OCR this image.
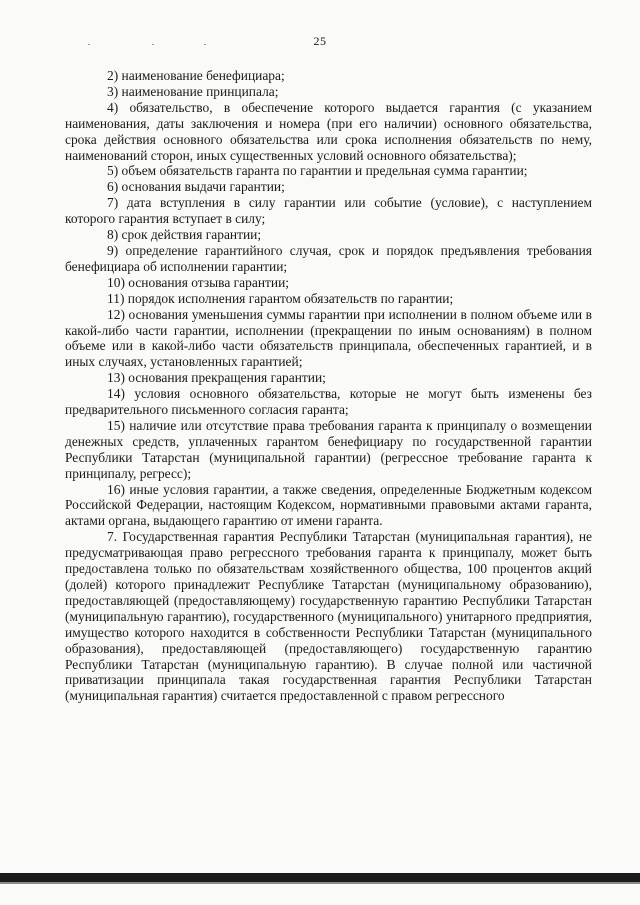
25

2) наименование бенефициара;

3) наименование принципала;

4) обязательство, в обеспечение которого выдается гарантия (с указанием наименования, даты заключения и номера (при его наличии) основного обязательства, срока действия основного обязательства или срока исполнения обязательств по нему, наименований сторон, иных существенных условий основного обязательства);

5) объем обязательств гаранта по гарантии и предельная сумма гарантии;

6) основания выдачи гарантии;

7) дата вступления в силу гарантии или событие (условие), с наступлением которого гарантия вступает в силу;

8) срок действия гарантии;

9) определение гарантийного случая, срок и порядок предъявления требования бенефициара об исполнении гарантии;

10) основания отзыва гарантии;

11) порядок исполнения гарантом обязательств по гарантии;

12) основания уменьшения суммы гарантии при исполнении в полном объеме или в какой-либо части гарантии, исполнении (прекращении по иным основаниям) в полном объеме или в какой-либо части обязательств принципала, обеспеченных гарантией, и в иных случаях, установленных гарантией;

13) основания прекращения гарантии;

14) условия основного обязательства, которые не могут быть изменены без предварительного письменного согласия гаранта;

15) наличие или отсутствие права требования гаранта к принципалу о возмещении денежных средств, уплаченных гарантом бенефициару по государственной гарантии Республики Татарстан (муниципальной гарантии) (регрессное требование гаранта к принципалу, регресс);

16) иные условия гарантии, а также сведения, определенные Бюджетным кодексом Российской Федерации, настоящим Кодексом, нормативными правовыми актами гаранта, актами органа, выдающего гарантию от имени гаранта.

7. Государственная гарантия Республики Татарстан (муниципальная гарантия), не предусматривающая право регрессного требования гаранта к принципалу, может быть предоставлена только по обязательствам хозяйственного общества, 100 процентов акций (долей) которого принадлежит Республике Татарстан (муниципальному образованию), предоставляющей (предоставляющему) государственную гарантию Республики Татарстан (муниципальную гарантию), государственного (муниципального) унитарного предприятия, имущество которого находится в собственности Республики Татарстан (муниципального образования), предоставляющей (предоставляющего) государственную гарантию Республики Татарстан (муниципальную гарантию). В случае полной или частичной приватизации принципала такая государственная гарантия Республики Татарстан (муниципальная гарантия) считается предоставленной с правом регрессного
